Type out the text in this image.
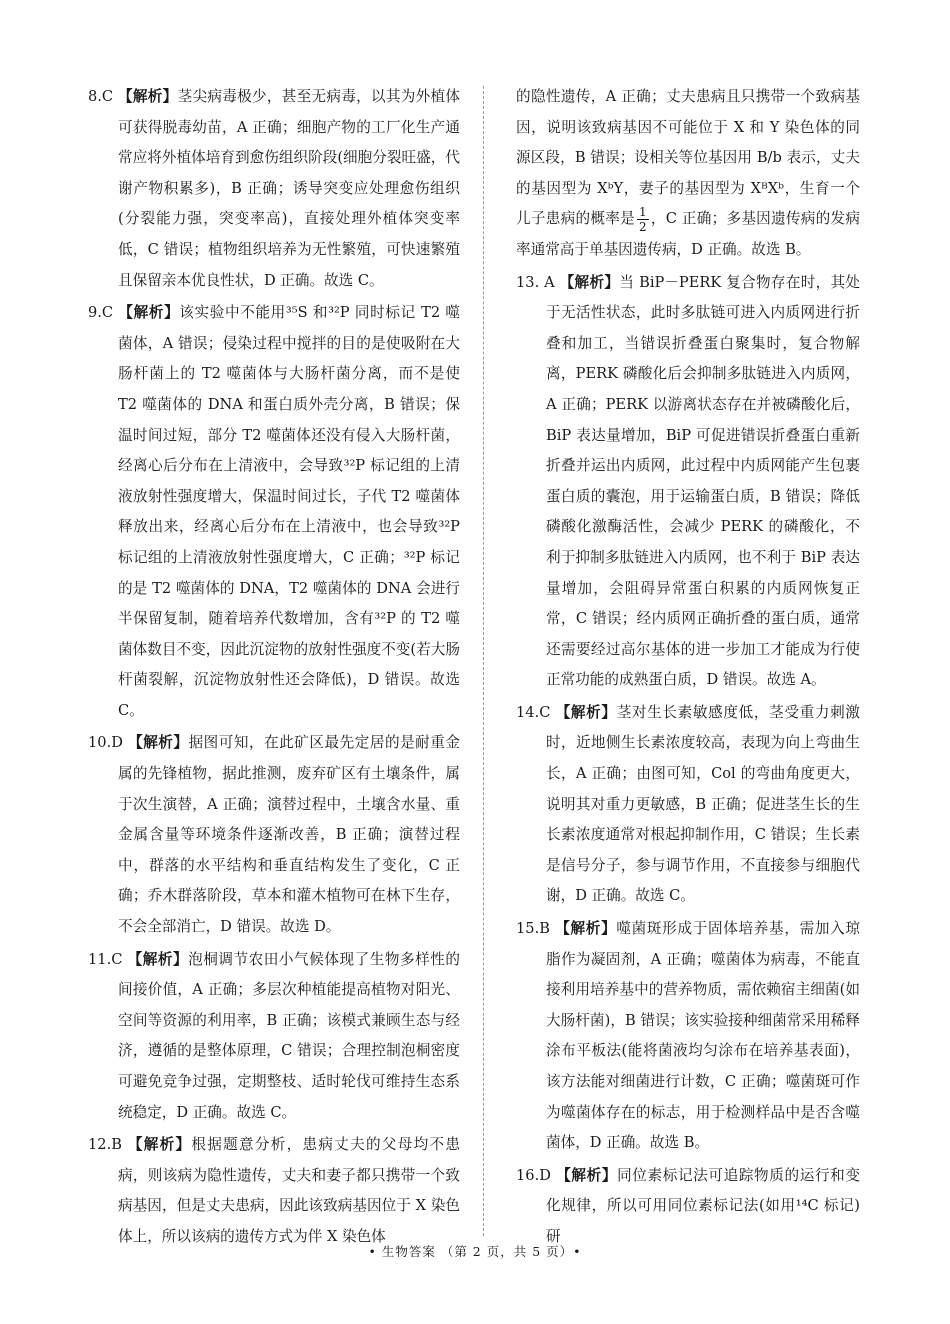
8.C 【解析】茎尖病毒极少，甚至无病毒，以其为外植体可获得脱毒幼苗，A 正确；细胞产物的工厂化生产通常应将外植体培育到愈伤组织阶段(细胞分裂旺盛，代谢产物积累多)，B 正确；诱导突变应处理愈伤组织(分裂能力强，突变率高)，直接处理外植体突变率低，C 错误；植物组织培养为无性繁殖，可快速繁殖且保留亲本优良性状，D 正确。故选 C。

9.C 【解析】该实验中不能用³⁵S 和³²P 同时标记 T2 噬菌体，A 错误；侵染过程中搅拌的目的是使吸附在大肠杆菌上的 T2 噬菌体与大肠杆菌分离，而不是使 T2 噬菌体的 DNA 和蛋白质外壳分离，B 错误；保温时间过短，部分 T2 噬菌体还没有侵入大肠杆菌，经离心后分布在上清液中，会导致³²P 标记组的上清液放射性强度增大，保温时间过长，子代 T2 噬菌体释放出来，经离心后分布在上清液中，也会导致³²P 标记组的上清液放射性强度增大，C 正确；³²P 标记的是 T2 噬菌体的 DNA，T2 噬菌体的 DNA 会进行半保留复制，随着培养代数增加，含有³²P 的 T2 噬菌体数目不变，因此沉淀物的放射性强度不变(若大肠杆菌裂解，沉淀物放射性还会降低)，D 错误。故选 C。

10.D 【解析】据图可知，在此矿区最先定居的是耐重金属的先锋植物，据此推测，废弃矿区有土壤条件，属于次生演替，A 正确；演替过程中，土壤含水量、重金属含量等环境条件逐渐改善，B 正确；演替过程中，群落的水平结构和垂直结构发生了变化，C 正确；乔木群落阶段，草本和灌木植物可在林下生存，不会全部消亡，D 错误。故选 D。

11.C 【解析】泡桐调节农田小气候体现了生物多样性的间接价值，A 正确；多层次种植能提高植物对阳光、空间等资源的利用率，B 正确；该模式兼顾生态与经济，遵循的是整体原理，C 错误；合理控制泡桐密度可避免竞争过强，定期整枝、适时轮伐可维持生态系统稳定，D 正确。故选 C。

12.B 【解析】根据题意分析，患病丈夫的父母均不患病，则该病为隐性遗传，丈夫和妻子都只携带一个致病基因，但是丈夫患病，因此该致病基因位于 X 染色体上，所以该病的遗传方式为伴 X 染色体

的隐性遗传，A 正确；丈夫患病且只携带一个致病基因，说明该致病基因不可能位于 X 和 Y 染色体的同源区段，B 错误；设相关等位基因用 B/b 表示，丈夫的基因型为 XᵇY，妻子的基因型为 XᴮXᵇ，生育一个儿子患病的概率是 $\frac{1}{2}$ ，C 正确；多基因遗传病的发病率通常高于单基因遗传病，D 正确。故选 B。

13. A 【解析】当 BiP－PERK 复合物存在时，其处于无活性状态，此时多肽链可进入内质网进行折叠和加工，当错误折叠蛋白聚集时，复合物解离，PERK 磷酸化后会抑制多肽链进入内质网，A 正确；PERK 以游离状态存在并被磷酸化后，BiP 表达量增加，BiP 可促进错误折叠蛋白重新折叠并运出内质网，此过程中内质网能产生包裹蛋白质的囊泡，用于运输蛋白质，B 错误；降低磷酸化激酶活性，会减少 PERK 的磷酸化，不利于抑制多肽链进入内质网，也不利于 BiP 表达量增加，会阻碍异常蛋白积累的内质网恢复正常，C 错误；经内质网正确折叠的蛋白质，通常还需要经过高尔基体的进一步加工才能成为行使正常功能的成熟蛋白质，D 错误。故选 A。

14.C 【解析】茎对生长素敏感度低，茎受重力刺激时，近地侧生长素浓度较高，表现为向上弯曲生长，A 正确；由图可知，Col 的弯曲角度更大，说明其对重力更敏感，B 正确；促进茎生长的生长素浓度通常对根起抑制作用，C 错误；生长素是信号分子，参与调节作用，不直接参与细胞代谢，D 正确。故选 C。

15.B 【解析】噬菌斑形成于固体培养基，需加入琼脂作为凝固剂，A 正确；噬菌体为病毒，不能直接利用培养基中的营养物质，需依赖宿主细菌(如大肠杆菌)，B 错误；该实验接种细菌常采用稀释涂布平板法(能将菌液均匀涂布在培养基表面)，该方法能对细菌进行计数，C 正确；噬菌斑可作为噬菌体存在的标志，用于检测样品中是否含噬菌体，D 正确。故选 B。

16.D 【解析】同位素标记法可追踪物质的运行和变化规律，所以可用同位素标记法(如用¹⁴C 标记)研

• 生物答案 （第 2 页，共 5 页）•
